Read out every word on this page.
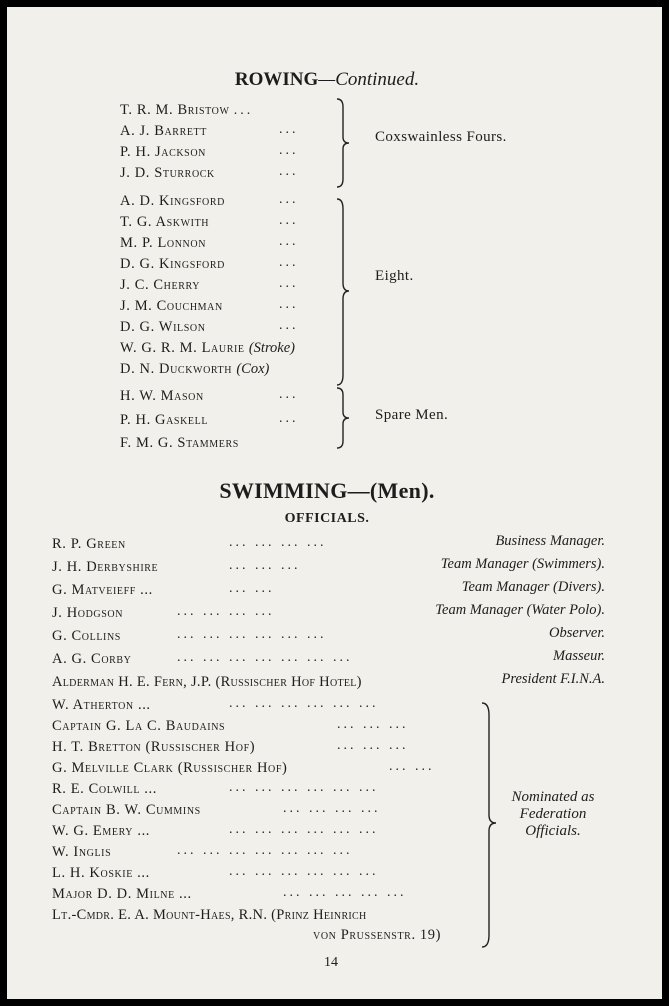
ROWING—Continued.
T. R. M. Bristow ...
A. J. Barrett	...
P. H. Jackson	...
J. D. Sturrock	...
Coxswainless Fours.
A. D. Kingsford	...
T. G. Askwith	...
M. P. Lonnon	...
D. G. Kingsford	...
J. C. Cherry	...
J. M. Couchman	...
D. G. Wilson	...
W. G. R. M. Laurie (Stroke)
D. N. Duckworth (Cox)
Eight.
H. W. Mason	...
P. H. Gaskell	...
F. M. G. Stammers
Spare Men.
SWIMMING—(Men).
OFFICIALS.
R. P. Green	... ... ... ...	Business Manager.
J. H. Derbyshire	... ... ...	Team Manager (Swimmers).
G. Matveieff ...	... ...	Team Manager (Divers).
J. Hodgson	... ... ... ...	Team Manager (Water Polo).
G. Collins	... ... ... ... ... ...	Observer.
A. G. Corby	... ... ... ... ... ... ...	Masseur.
Alderman H. E. Fern, J.P. (Russischer Hof Hotel)	President F.I.N.A.
W. Atherton ...	... ... ... ... ... ...
Captain G. La C. Baudains	... ... ...
H. T. Bretton (Russischer Hof)	... ... ...
G. Melville Clark (Russischer Hof)	... ...
R. E. Colwill ...	... ... ... ... ... ...
Captain B. W. Cummins	... ... ... ...
W. G. Emery ...	... ... ... ... ... ...
W. Inglis	... ... ... ... ... ... ...
L. H. Koskie ...	... ... ... ... ... ...
Major D. D. Milne ...	... ... ... ... ...
Lt.-Cmdr. E. A. Mount-Haes, R.N. (Prinz Heinrich
von Prussenstr. 19)
Nominated as
Federation
Officials.
14
